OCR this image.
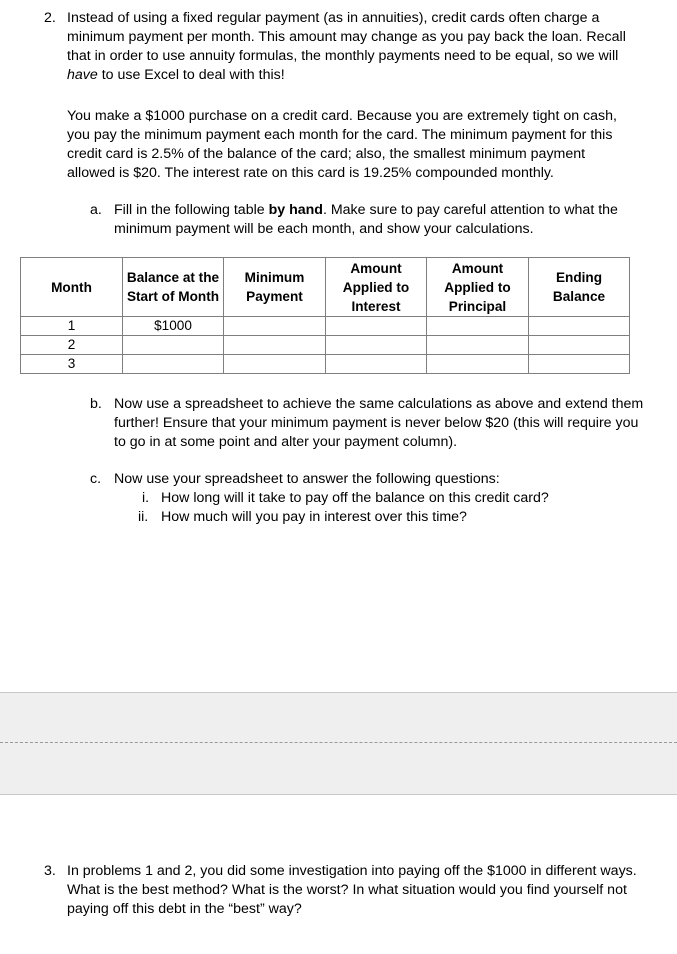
2. Instead of using a fixed regular payment (as in annuities), credit cards often charge a minimum payment per month. This amount may change as you pay back the loan. Recall that in order to use annuity formulas, the monthly payments need to be equal, so we will have to use Excel to deal with this!

You make a $1000 purchase on a credit card. Because you are extremely tight on cash, you pay the minimum payment each month for the card. The minimum payment for this credit card is 2.5% of the balance of the card; also, the smallest minimum payment allowed is $20. The interest rate on this card is 19.25% compounded monthly.

a. Fill in the following table by hand. Make sure to pay careful attention to what the minimum payment will be each month, and show your calculations.

Month	Balance at the Start of Month	Minimum Payment	Amount Applied to Interest	Amount Applied to Principal	Ending Balance
1	$1000				
2					
3					
b. Now use a spreadsheet to achieve the same calculations as above and extend them further! Ensure that your minimum payment is never below $20 (this will require you to go in at some point and alter your payment column).

c. Now use your spreadsheet to answer the following questions:

i. How long will it take to pay off the balance on this credit card?
ii. How much will you pay in interest over this time?
3. In problems 1 and 2, you did some investigation into paying off the $1000 in different ways. What is the best method? What is the worst? In what situation would you find yourself not paying off this debt in the “best” way?
